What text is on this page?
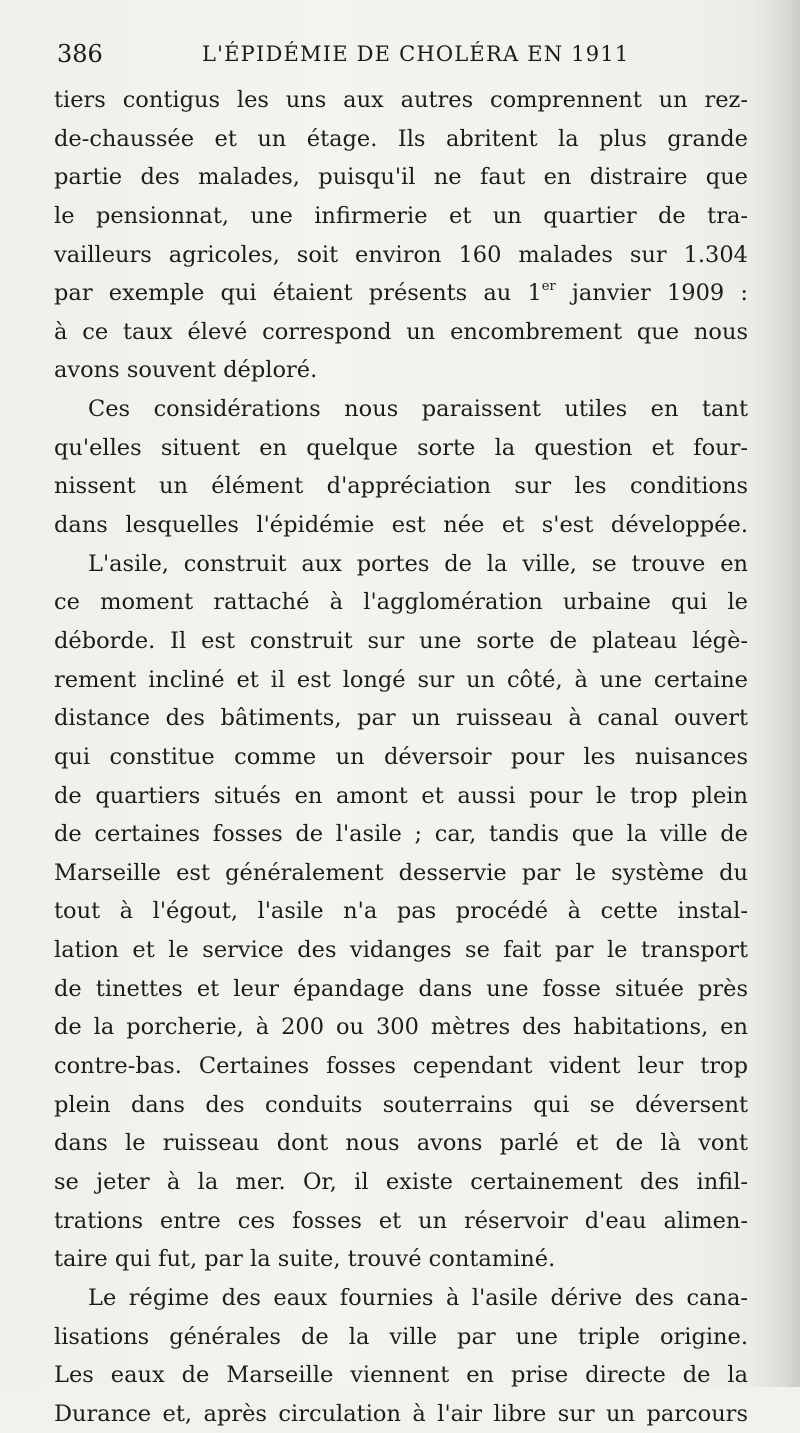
386	L'ÉPIDÉMIE DE CHOLÉRA EN 1911
tiers contigus les uns aux autres comprennent un rez-
de-chaussée et un étage. Ils abritent la plus grande
partie des malades, puisqu'il ne faut en distraire que
le pensionnat, une infirmerie et un quartier de tra-
vailleurs agricoles, soit environ 160 malades sur 1.304
par exemple qui étaient présents au 1er janvier 1909 :
à ce taux élevé correspond un encombrement que nous
avons souvent déploré.
Ces considérations nous paraissent utiles en tant
qu'elles situent en quelque sorte la question et four-
nissent un élément d'appréciation sur les conditions
dans lesquelles l'épidémie est née et s'est développée.
L'asile, construit aux portes de la ville, se trouve en
ce moment rattaché à l'agglomération urbaine qui le
déborde. Il est construit sur une sorte de plateau légè-
rement incliné et il est longé sur un côté, à une certaine
distance des bâtiments, par un ruisseau à canal ouvert
qui constitue comme un déversoir pour les nuisances
de quartiers situés en amont et aussi pour le trop plein
de certaines fosses de l'asile ; car, tandis que la ville de
Marseille est généralement desservie par le système du
tout à l'égout, l'asile n'a pas procédé à cette instal-
lation et le service des vidanges se fait par le transport
de tinettes et leur épandage dans une fosse située près
de la porcherie, à 200 ou 300 mètres des habitations, en
contre-bas. Certaines fosses cependant vident leur trop
plein dans des conduits souterrains qui se déversent
dans le ruisseau dont nous avons parlé et de là vont
se jeter à la mer. Or, il existe certainement des infil-
trations entre ces fosses et un réservoir d'eau alimen-
taire qui fut, par la suite, trouvé contaminé.
Le régime des eaux fournies à l'asile dérive des cana-
lisations générales de la ville par une triple origine.
Les eaux de Marseille viennent en prise directe de la
Durance et, après circulation à l'air libre sur un parcours
